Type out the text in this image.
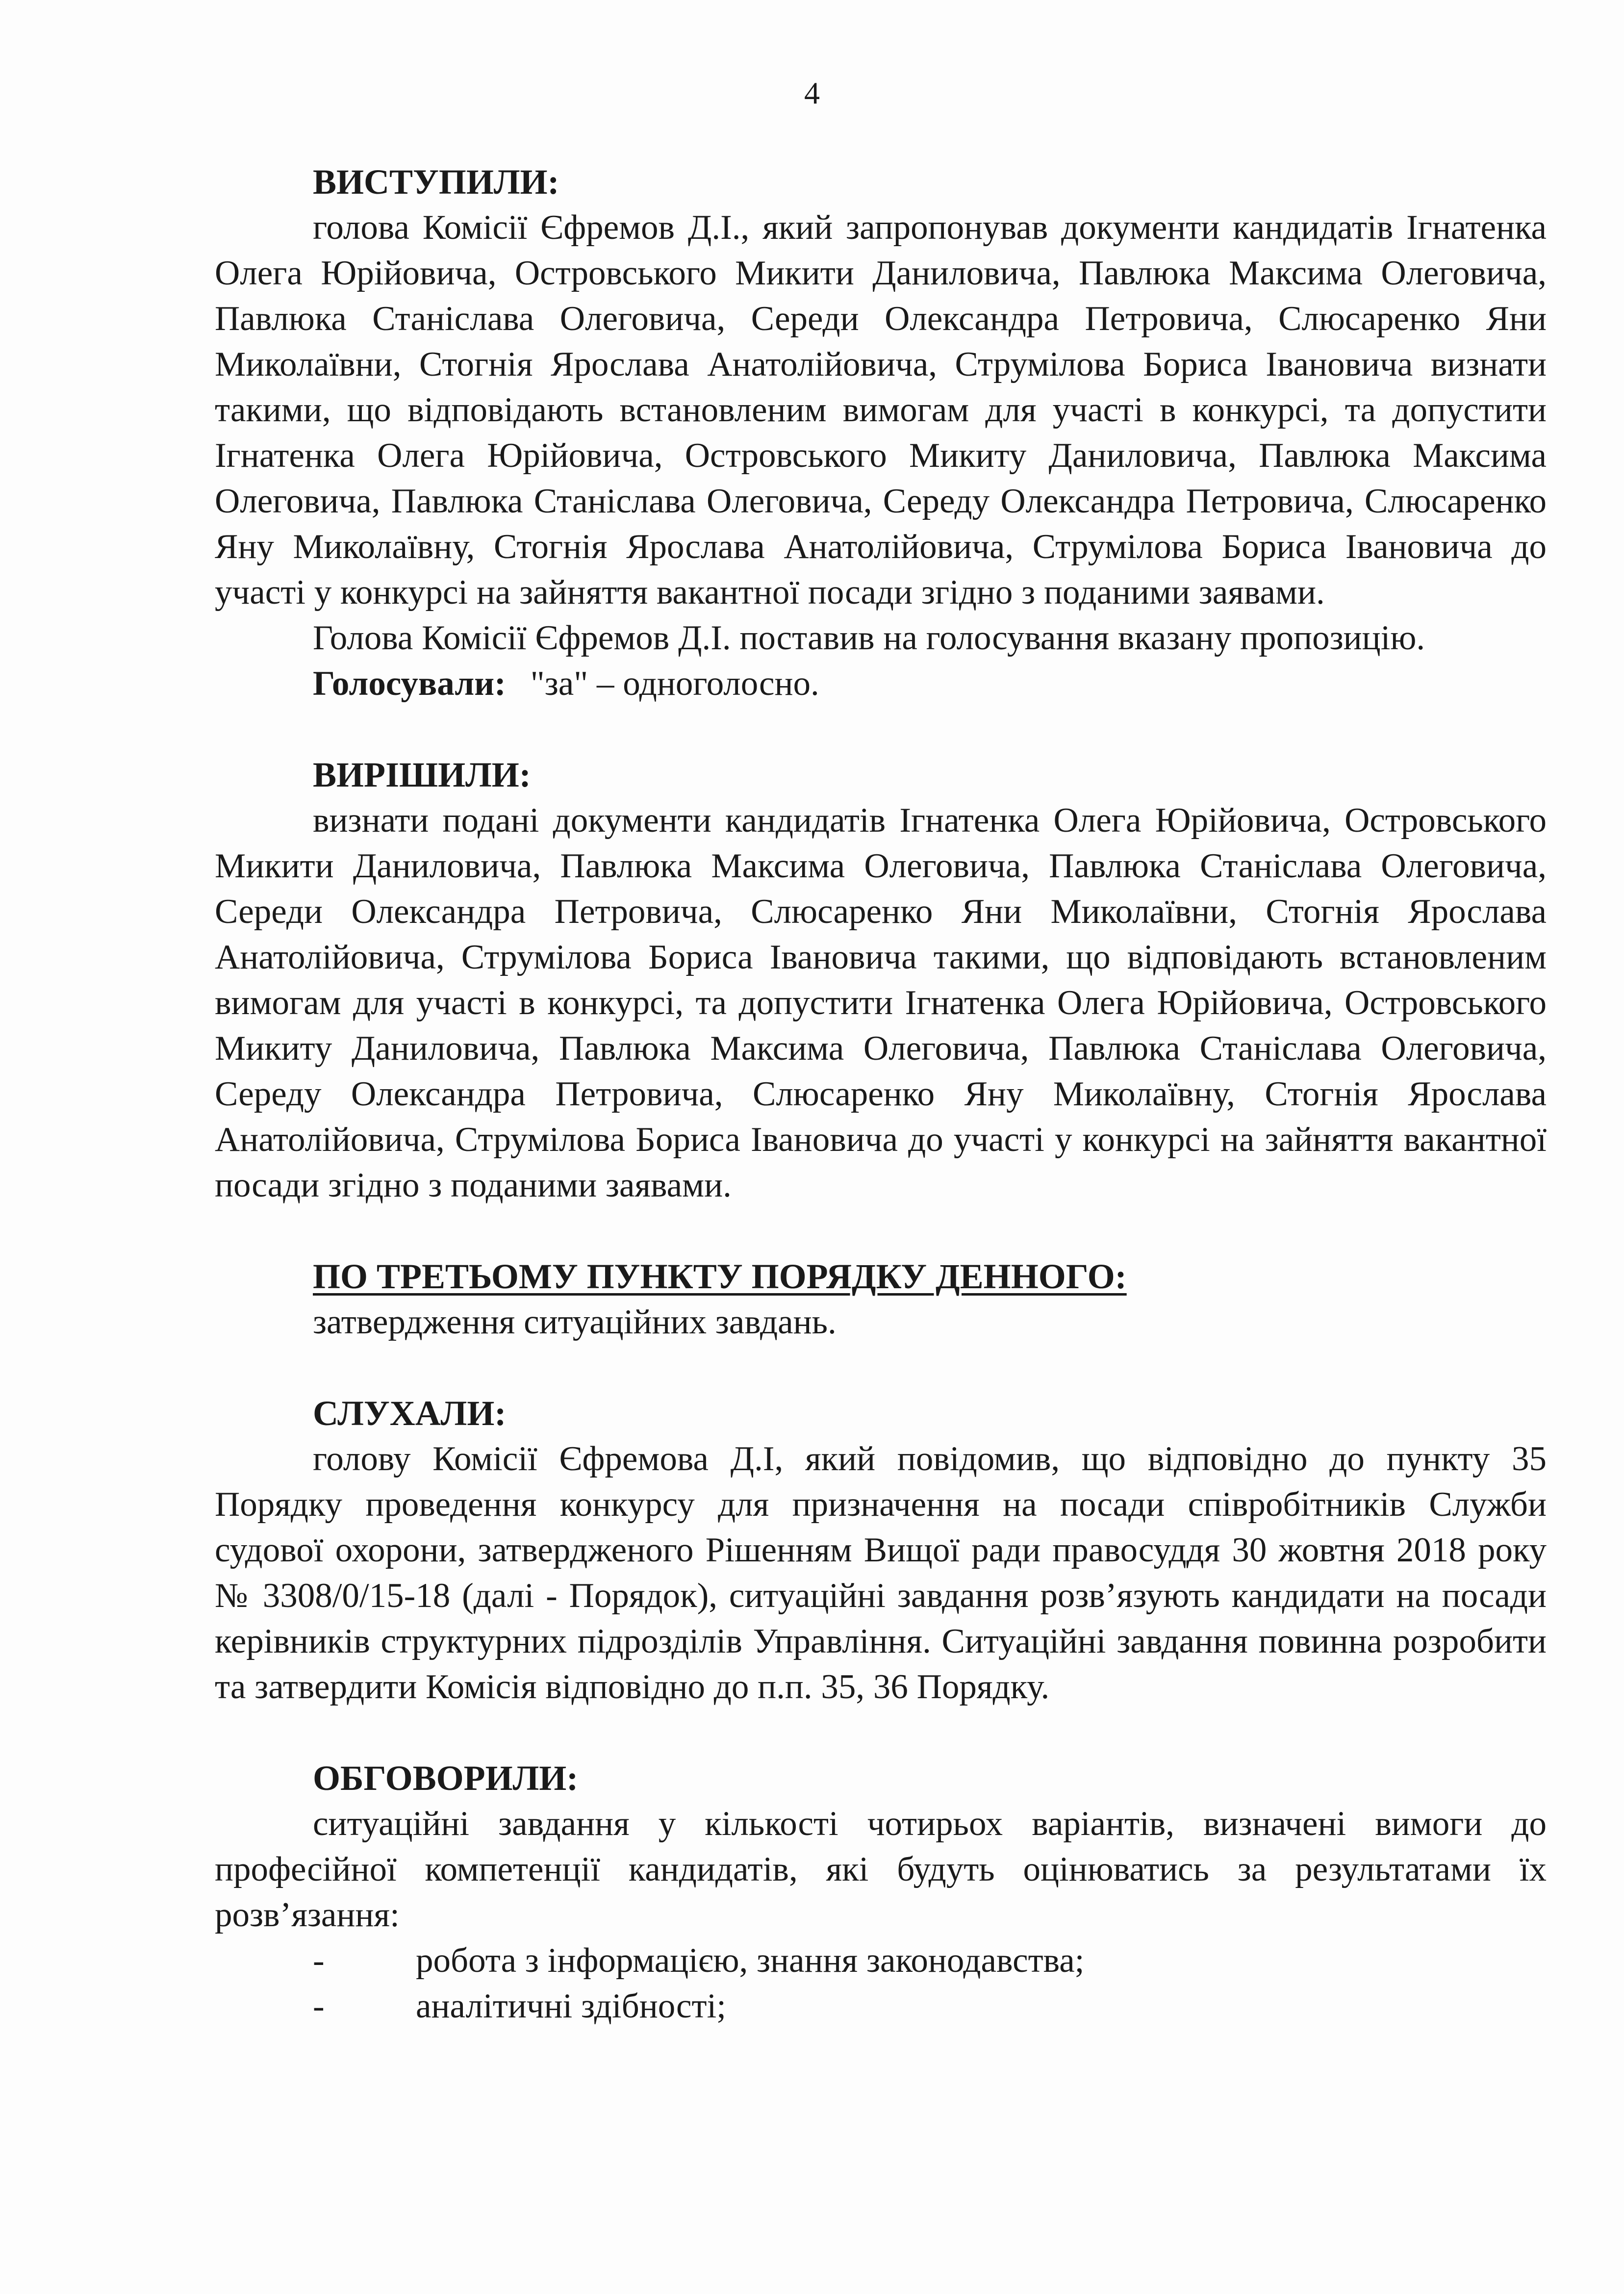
4
ВИСТУПИЛИ:

голова Комісії Єфремов Д.І., який запропонував документи кандидатів Ігнатенка Олега Юрійовича, Островського Микити Даниловича, Павлюка Максима Олеговича, Павлюка Станіслава Олеговича, Середи Олександра Петровича, Слюсаренко Яни Миколаївни, Стогнія Ярослава Анатолійовича, Струмілова Бориса Івановича визнати такими, що відповідають встановленим вимогам для участі в конкурсі, та допустити Ігнатенка Олега Юрійовича, Островського Микиту Даниловича, Павлюка Максима Олеговича, Павлюка Станіслава Олеговича, Середу Олександра Петровича, Слюсаренко Яну Миколаївну, Стогнія Ярослава Анатолійовича, Струмілова Бориса Івановича до участі у конкурсі на зайняття вакантної посади згідно з поданими заявами.

Голова Комісії Єфремов Д.І. поставив на голосування вказану пропозицію.

Голосували: "за" – одноголосно.
ВИРІШИЛИ:

визнати подані документи кандидатів Ігнатенка Олега Юрійовича, Островського Микити Даниловича, Павлюка Максима Олеговича, Павлюка Станіслава Олеговича, Середи Олександра Петровича, Слюсаренко Яни Миколаївни, Стогнія Ярослава Анатолійовича, Струмілова Бориса Івановича такими, що відповідають встановленим вимогам для участі в конкурсі, та допустити Ігнатенка Олега Юрійовича, Островського Микиту Даниловича, Павлюка Максима Олеговича, Павлюка Станіслава Олеговича, Середу Олександра Петровича, Слюсаренко Яну Миколаївну, Стогнія Ярослава Анатолійовича, Струмілова Бориса Івановича до участі у конкурсі на зайняття вакантної посади згідно з поданими заявами.

ПО ТРЕТЬОМУ ПУНКТУ ПОРЯДКУ ДЕННОГО:

затвердження ситуаційних завдань.

СЛУХАЛИ:

голову Комісії Єфремова Д.І, який повідомив, що відповідно до пункту 35 Порядку проведення конкурсу для призначення на посади співробітників Служби судової охорони, затвердженого Рішенням Вищої ради правосуддя 30 жовтня 2018 року № 3308/0/15-18 (далі - Порядок), ситуаційні завдання розв’язують кандидати на посади керівників структурних підрозділів Управління. Ситуаційні завдання повинна розробити та затвердити Комісія відповідно до п.п. 35, 36 Порядку.

ОБГОВОРИЛИ:

ситуаційні завдання у кількості чотирьох варіантів, визначені вимоги до професійної компетенції кандидатів, які будуть оцінюватись за результатами їх розв’язання:

-	робота з інформацією, знання законодавства;
-	аналітичні здібності;
